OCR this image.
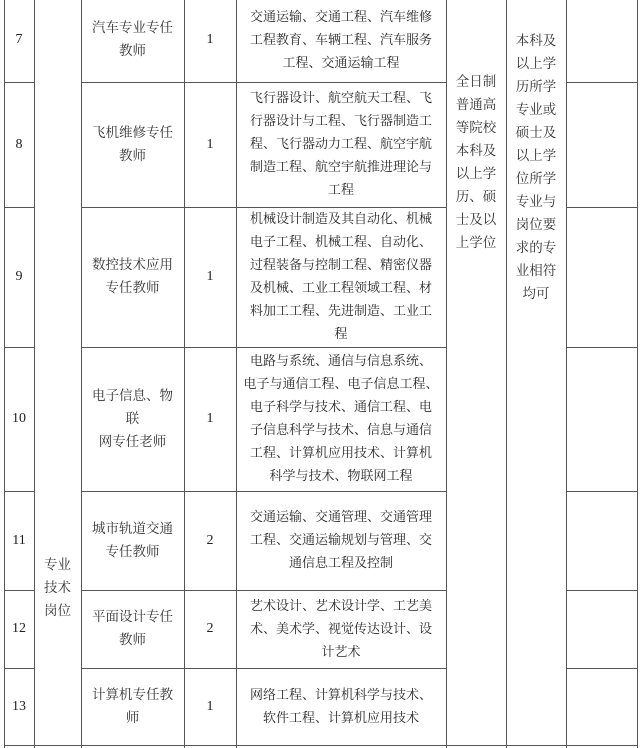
7
汽车专业专任
教师
1
交通运输、交通工程、汽车维修
工程教育、车辆工程、汽车服务
工程、交通运输工程
8
飞机维修专任
教师
1
飞行器设计、航空航天工程、飞
行器设计与工程、飞行器制造工
程、飞行器动力工程、航空宇航
制造工程、航空宇航推进理论与
工程
9
数控技术应用
专任教师
1
机械设计制造及其自动化、机械
电子工程、机械工程、自动化、
过程装备与控制工程、精密仪器
及机械、工业工程领域工程、材
料加工工程、先进制造、工业工
程
10
电子信息、物联
网专任老师
1
电路与系统、通信与信息系统、
电子与通信工程、电子信息工程、
电子科学与技术、通信工程、电
子信息科学与技术、信息与通信
工程、计算机应用技术、计算机
科学与技术、物联网工程
11
城市轨道交通
专任教师
2
交通运输、交通管理、交通管理
工程、交通运输规划与管理、交
通信息工程及控制
12
平面设计专任
教师
2
艺术设计、艺术设计学、工艺美
术、美术学、视觉传达设计、设
计艺术
13
计算机专任教
师
1
网络工程、计算机科学与技术、
软件工程、计算机应用技术
专业
技术
岗位
全日制
普通高
等院校
本科及
以上学
历、硕
士及以
上学位
本科及
以上学
历所学
专业或
硕士及
以上学
位所学
专业与
岗位要
求的专
业相符
均可
